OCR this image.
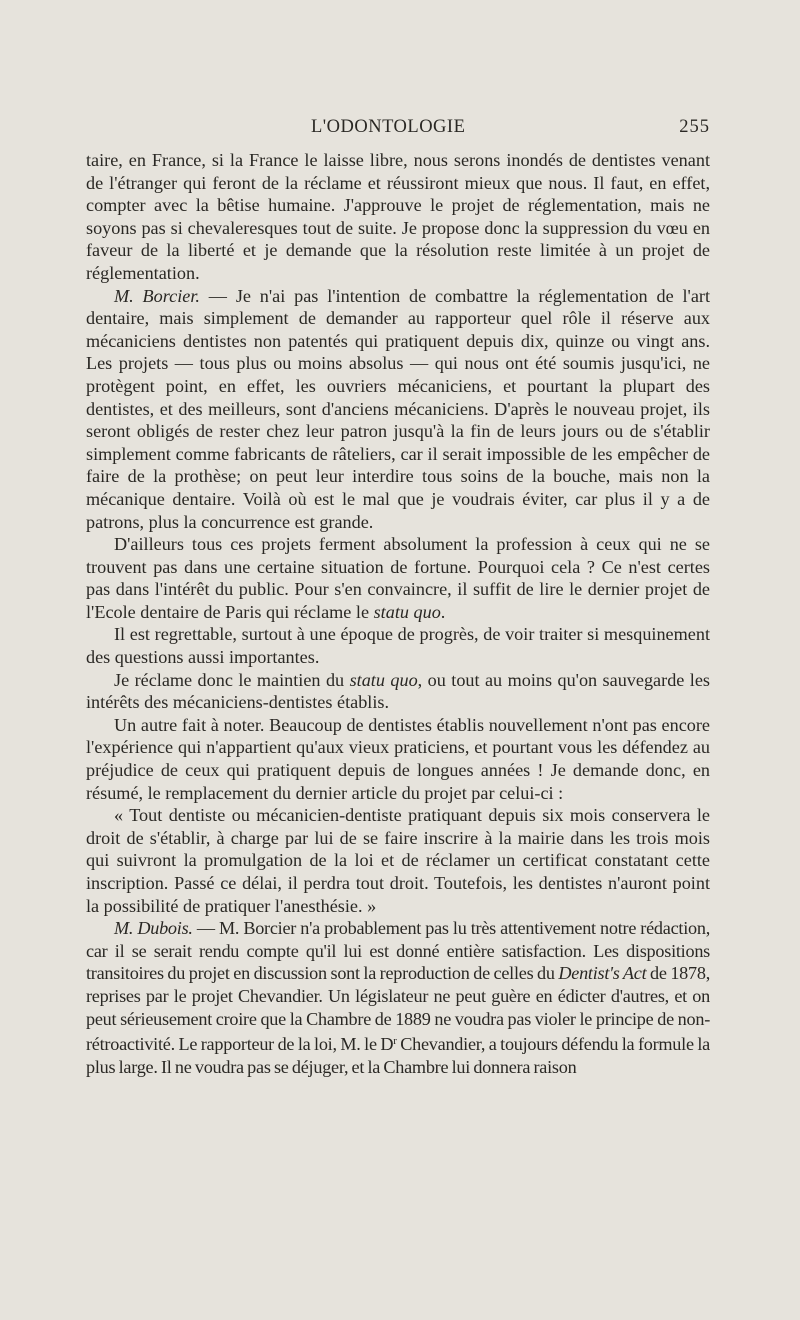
L'ODONTOLOGIE	255

taire, en France, si la France le laisse libre, nous serons inondés de dentistes venant de l'étranger qui feront de la réclame et réussiront mieux que nous. Il faut, en effet, compter avec la bêtise humaine. J'approuve le projet de réglementation, mais ne soyons pas si chevaleresques tout de suite. Je propose donc la suppression du vœu en faveur de la liberté et je demande que la résolution reste limitée à un projet de réglementation.

M. Borcier. — Je n'ai pas l'intention de combattre la réglementation de l'art dentaire, mais simplement de demander au rapporteur quel rôle il réserve aux mécaniciens dentistes non patentés qui pratiquent depuis dix, quinze ou vingt ans. Les projets — tous plus ou moins absolus — qui nous ont été soumis jusqu'ici, ne protègent point, en effet, les ouvriers mécaniciens, et pourtant la plupart des dentistes, et des meilleurs, sont d'anciens mécaniciens. D'après le nouveau projet, ils seront obligés de rester chez leur patron jusqu'à la fin de leurs jours ou de s'établir simplement comme fabricants de râteliers, car il serait impossible de les empêcher de faire de la prothèse; on peut leur interdire tous soins de la bouche, mais non la mécanique dentaire. Voilà où est le mal que je voudrais éviter, car plus il y a de patrons, plus la concurrence est grande.

D'ailleurs tous ces projets ferment absolument la profession à ceux qui ne se trouvent pas dans une certaine situation de fortune. Pourquoi cela ? Ce n'est certes pas dans l'intérêt du public. Pour s'en convaincre, il suffit de lire le dernier projet de l'Ecole dentaire de Paris qui réclame le statu quo.

Il est regrettable, surtout à une époque de progrès, de voir traiter si mesquinement des questions aussi importantes.

Je réclame donc le maintien du statu quo, ou tout au moins qu'on sauvegarde les intérêts des mécaniciens-dentistes établis.

Un autre fait à noter. Beaucoup de dentistes établis nouvellement n'ont pas encore l'expérience qui n'appartient qu'aux vieux praticiens, et pourtant vous les défendez au préjudice de ceux qui pratiquent depuis de longues années ! Je demande donc, en résumé, le remplacement du dernier article du projet par celui-ci :

« Tout dentiste ou mécanicien-dentiste pratiquant depuis six mois conservera le droit de s'établir, à charge par lui de se faire inscrire à la mairie dans les trois mois qui suivront la promulgation de la loi et de réclamer un certificat constatant cette inscription. Passé ce délai, il perdra tout droit. Toutefois, les dentistes n'auront point la possibilité de pratiquer l'anesthésie. »

M. Dubois. — M. Borcier n'a probablement pas lu très attentivement notre rédaction, car il se serait rendu compte qu'il lui est donné entière satisfaction. Les dispositions transitoires du projet en discussion sont la reproduction de celles du Dentist's Act de 1878, reprises par le projet Chevandier. Un législateur ne peut guère en édicter d'autres, et on peut sérieusement croire que la Chambre de 1889 ne voudra pas violer le principe de non-rétroactivité. Le rapporteur de la loi, M. le $D^r$ Chevandier, a toujours défendu la formule la plus large. Il ne voudra pas se déjuger, et la Chambre lui donnera raison
